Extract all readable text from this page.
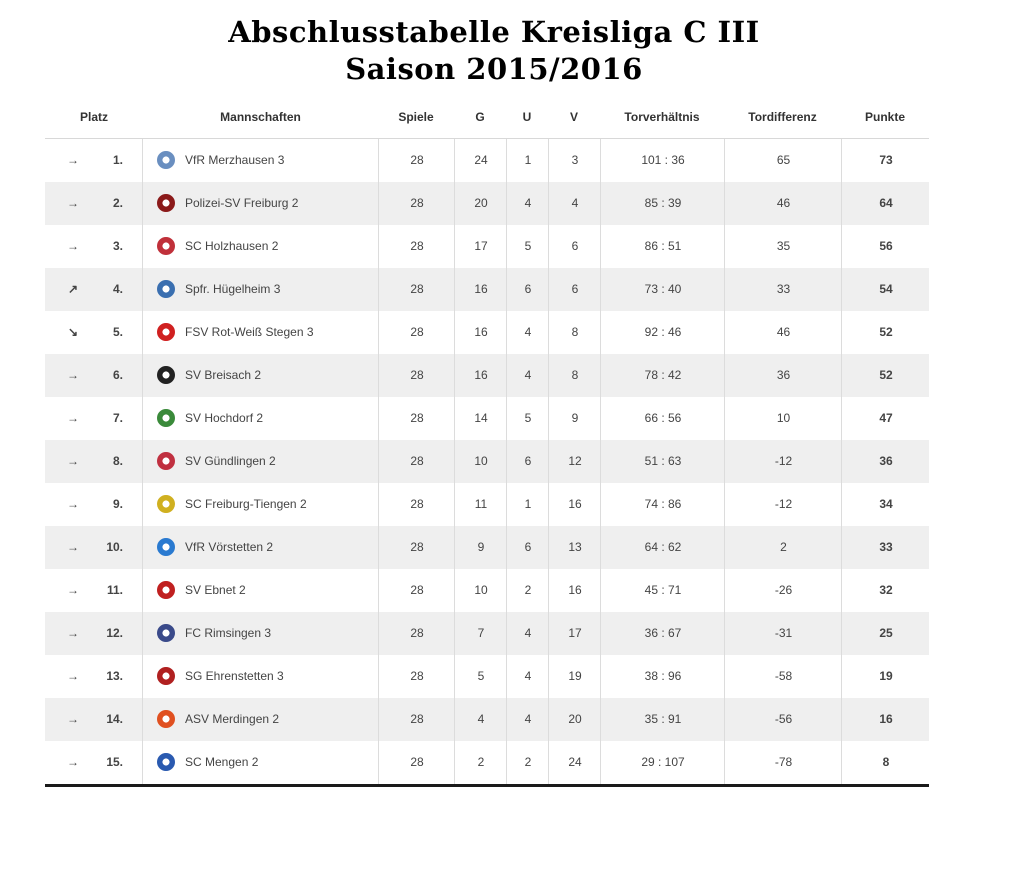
Abschlusstabelle Kreisliga C III
Saison 2015/2016
Platz	Mannschaften	Spiele	G	U	V	Torverhältnis	Tordifferenz	Punkte
→	1.	VfR Merzhausen 3	28	24	1	3	101 : 36	65	73
→	2.	Polizei-SV Freiburg 2	28	20	4	4	85 : 39	46	64
→	3.	SC Holzhausen 2	28	17	5	6	86 : 51	35	56
↗	4.	Spfr. Hügelheim 3	28	16	6	6	73 : 40	33	54
↘	5.	FSV Rot-Weiß Stegen 3	28	16	4	8	92 : 46	46	52
→	6.	SV Breisach 2	28	16	4	8	78 : 42	36	52
→	7.	SV Hochdorf 2	28	14	5	9	66 : 56	10	47
→	8.	SV Gündlingen 2	28	10	6	12	51 : 63	-12	36
→	9.	SC Freiburg-Tiengen 2	28	11	1	16	74 : 86	-12	34
→	10.	VfR Vörstetten 2	28	9	6	13	64 : 62	2	33
→	11.	SV Ebnet 2	28	10	2	16	45 : 71	-26	32
→	12.	FC Rimsingen 3	28	7	4	17	36 : 67	-31	25
→	13.	SG Ehrenstetten 3	28	5	4	19	38 : 96	-58	19
→	14.	ASV Merdingen 2	28	4	4	20	35 : 91	-56	16
→	15.	SC Mengen 2	28	2	2	24	29 : 107	-78	8
